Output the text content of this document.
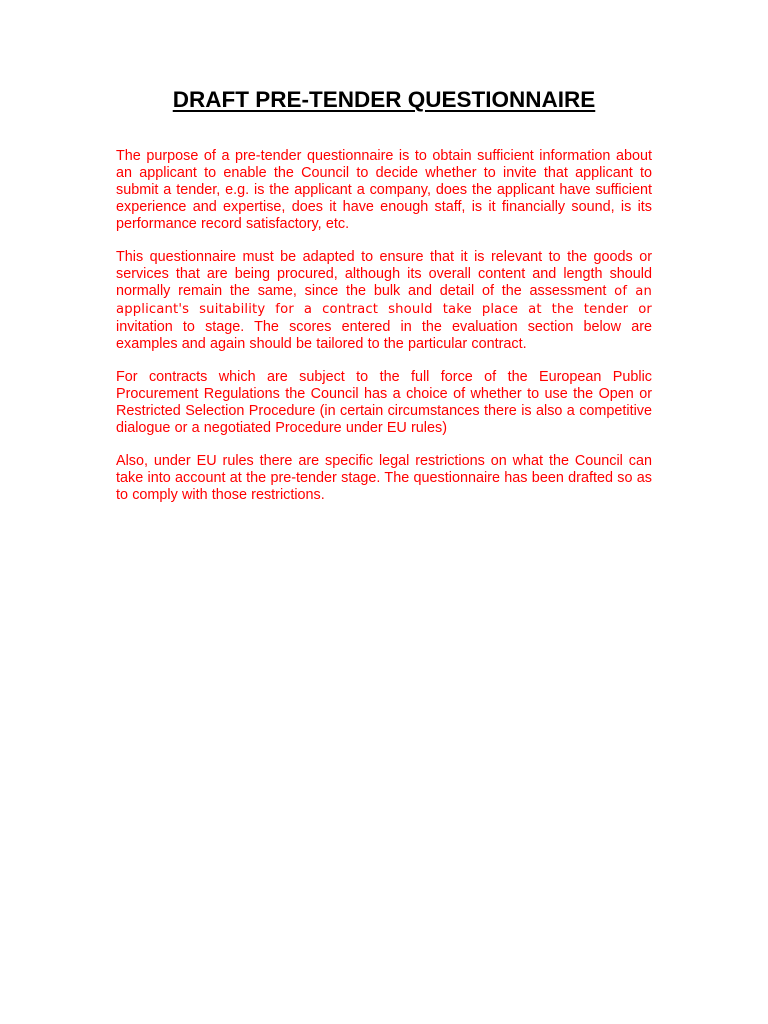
DRAFT PRE-TENDER QUESTIONNAIRE

The purpose of a pre-tender questionnaire is to obtain sufficient information about an applicant to enable the Council to decide whether to invite that applicant to submit a tender, e.g. is the applicant a company, does the applicant have sufficient experience and expertise, does it have enough staff, is it financially sound, is its performance record satisfactory, etc.

This questionnaire must be adapted to ensure that it is relevant to the goods or services that are being procured, although its overall content and length should normally remain the same, since the bulk and detail of the assessment of an applicant's suitability for a contract should take place at the tender or invitation to stage. The scores entered in the evaluation section below are examples and again should be tailored to the particular contract.

For contracts which are subject to the full force of the European Public Procurement Regulations the Council has a choice of whether to use the Open or Restricted Selection Procedure (in certain circumstances there is also a competitive dialogue or a negotiated Procedure under EU rules)

Also, under EU rules there are specific legal restrictions on what the Council can take into account at the pre-tender stage. The questionnaire has been drafted so as to comply with those restrictions.
